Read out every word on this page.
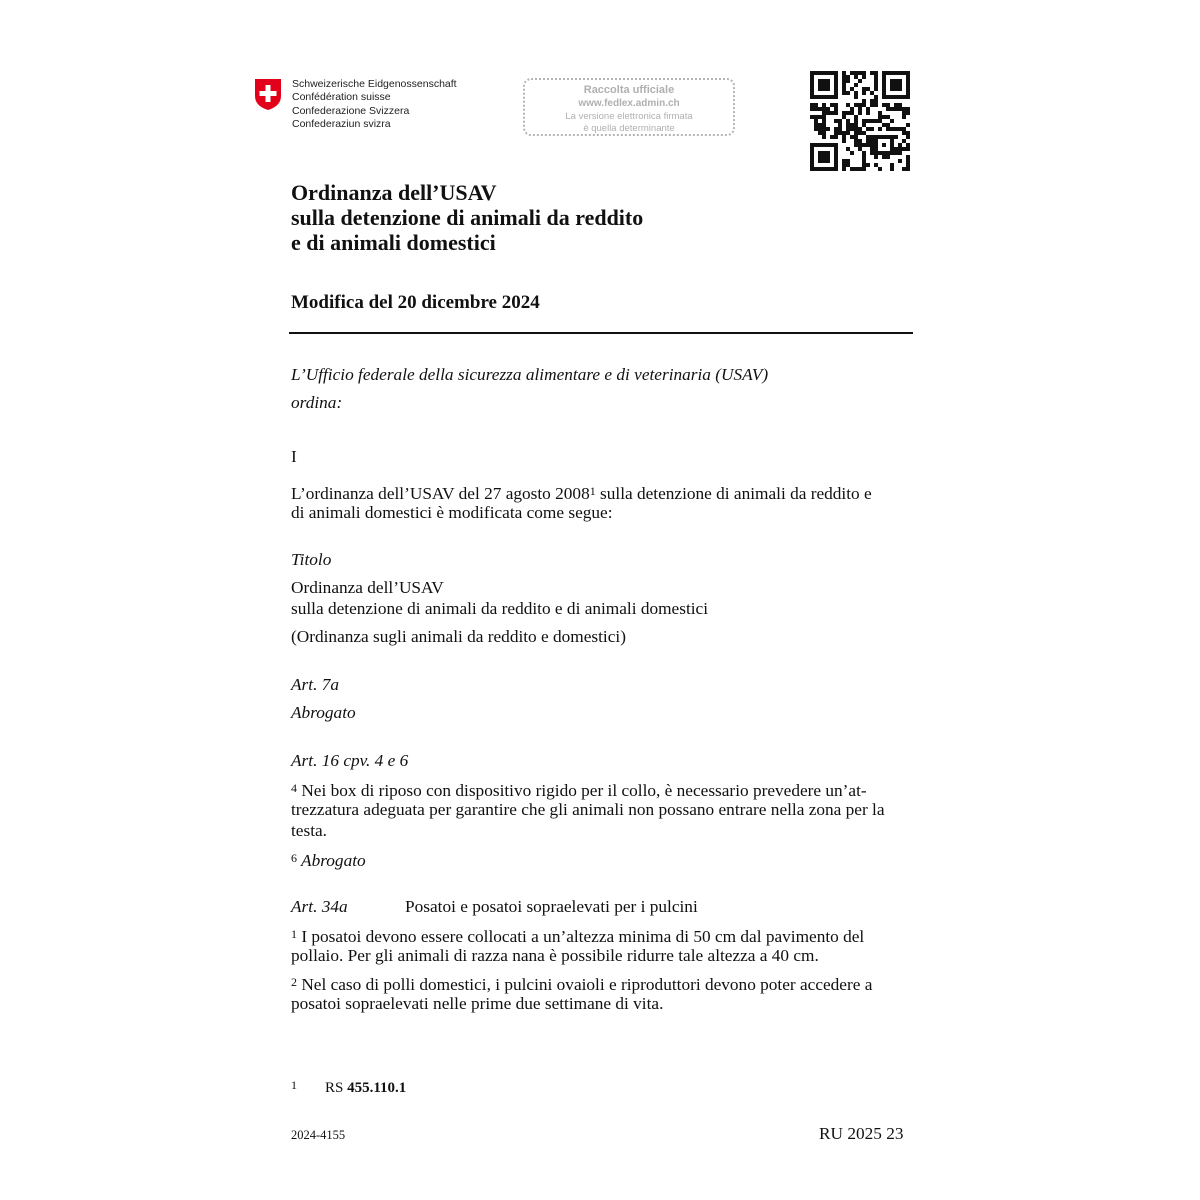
Schweizerische Eidgenossenschaft
Confédération suisse
Confederazione Svizzera
Confederaziun svizra
Raccolta ufficiale
www.fedlex.admin.ch
La versione elettronica firmata
è quella determinante
Ordinanza dell’USAV
sulla detenzione di animali da reddito
e di animali domestici
Modifica del 20 dicembre 2024
L’Ufficio federale della sicurezza alimentare e di veterinaria (USAV)
ordina:
I
L’ordinanza dell’USAV del 27 agosto 2008$^1$ sulla detenzione di animali da reddito e
di animali domestici è modificata come segue:
Titolo
Ordinanza dell’USAV
sulla detenzione di animali da reddito e di animali domestici
(Ordinanza sugli animali da reddito e domestici)
Art. 7a
Abrogato
Art. 16 cpv. 4 e 6
$^4$ Nei box di riposo con dispositivo rigido per il collo, è necessario prevedere un’at-
trezzatura adeguata per garantire che gli animali non possano entrare nella zona per la
testa.
$^6$ Abrogato
Art. 34a	Posatoi e posatoi sopraelevati per i pulcini
$^1$ I posatoi devono essere collocati a un’altezza minima di 50 cm dal pavimento del
pollaio. Per gli animali di razza nana è possibile ridurre tale altezza a 40 cm.
$^2$ Nel caso di polli domestici, i pulcini ovaioli e riproduttori devono poter accedere a
posatoi sopraelevati nelle prime due settimane di vita.
1 RS 455.110.1
2024-4155	RU 2025 23
